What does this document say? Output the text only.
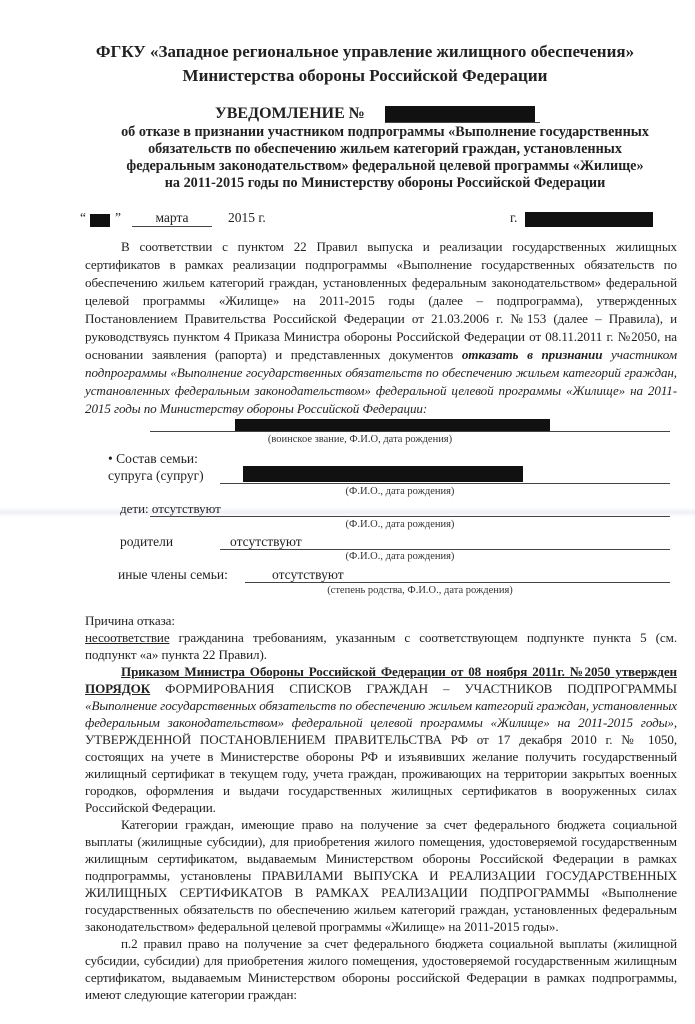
ФГКУ «Западное региональное управление жилищного обеспечения»
Министерства обороны Российской Федерации
УВЕДОМЛЕНИЕ №
об отказе в признании участником подпрограммы «Выполнение государственных
обязательств по обеспечению жильем категорий граждан, установленных
федеральным законодательством» федеральной целевой программы «Жилище»
на 2011-2015 годы по Министерству обороны Российской Федерации
“ ”	марта	2015 г.	г.
В соответствии с пунктом 22 Правил выпуска и реализации государственных жилищных сертификатов в рамках реализации подпрограммы «Выполнение государственных обязательств по обеспечению жильем категорий граждан, установленных федеральным законодательством» федеральной целевой программы «Жилище» на 2011-2015 годы (далее – подпрограмма), утвержденных Постановлением Правительства Российской Федерации от 21.03.2006 г. №153 (далее – Правила), и руководствуясь пунктом 4 Приказа Министра обороны Российской Федерации от 08.11.2011 г. №2050, на основании заявления (рапорта) и представленных документов отказать в признании участником подпрограммы «Выполнение государственных обязательств по обеспечению жильем категорий граждан, установленных федеральным законодательством» федеральной целевой программы «Жилище» на 2011-2015 годы по Министерству обороны Российской Федерации:
(воинское звание, Ф.И.О, дата рождения)
• Состав семьи:
супруга (супруг)
(Ф.И.О., дата рождения)
дети: отсутствуют
(Ф.И.О., дата рождения)
родители	отсутствуют
(Ф.И.О., дата рождения)
иные члены семьи:	отсутствуют
(степень родства, Ф.И.О., дата рождения)
Причина отказа:
несоответствие гражданина требованиям, указанным с соответствующем подпункте пункта 5 (см. подпункт «а» пункта 22 Правил).
Приказом Министра Обороны Российской Федерации от 08 ноября 2011г. №2050 утвержден ПОРЯДОК ФОРМИРОВАНИЯ СПИСКОВ ГРАЖДАН – УЧАСТНИКОВ ПОДПРОГРАММЫ «Выполнение государственных обязательств по обеспечению жильем категорий граждан, установленных федеральным законодательством» федеральной целевой программы «Жилище» на 2011-2015 годы», УТВЕРЖДЕННОЙ ПОСТАНОВЛЕНИЕМ ПРАВИТЕЛЬСТВА РФ от 17 декабря 2010 г. № 1050, состоящих на учете в Министерстве обороны РФ и изъявивших желание получить государственный жилищный сертификат в текущем году, учета граждан, проживающих на территории закрытых военных городков, оформления и выдачи государственных жилищных сертификатов в вооруженных силах Российской Федерации.
Категории граждан, имеющие право на получение за счет федерального бюджета социальной выплаты (жилищные субсидии), для приобретения жилого помещения, удостоверяемой государственным жилищным сертификатом, выдаваемым Министерством обороны Российской Федерации в рамках подпрограммы, установлены ПРАВИЛАМИ ВЫПУСКА И РЕАЛИЗАЦИИ ГОСУДАРСТВЕННЫХ ЖИЛИЩНЫХ СЕРТИФИКАТОВ В РАМКАХ РЕАЛИЗАЦИИ ПОДПРОГРАММЫ «Выполнение государственных обязательств по обеспечению жильем категорий граждан, установленных федеральным законодательством» федеральной целевой программы «Жилище» на 2011-2015 годы».
п.2 правил право на получение за счет федерального бюджета социальной выплаты (жилищной субсидии, субсидии) для приобретения жилого помещения, удостоверяемой государственным жилищным сертификатом, выдаваемым Министерством обороны российской Федерации в рамках подпрограммы, имеют следующие категории граждан:
